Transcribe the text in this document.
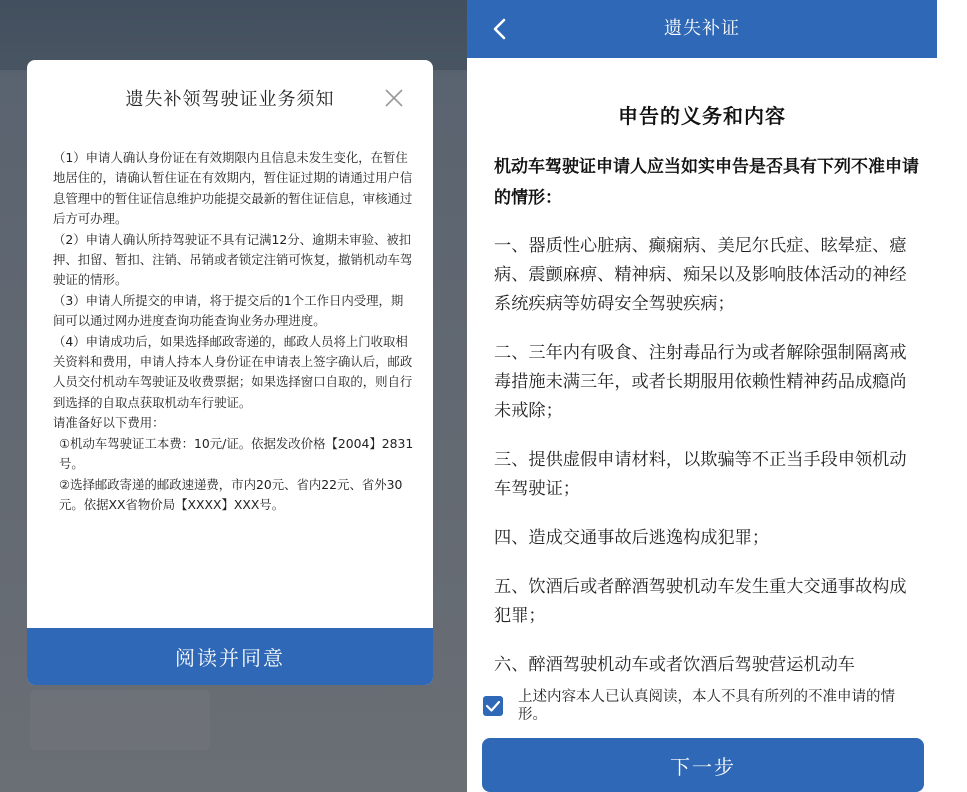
遗失补领驾驶证业务须知

（1）申请人确认身份证在有效期限内且信息未发生变化，在暂住地居住的，请确认暂住证在有效期内，暂住证过期的请通过用户信息管理中的暂住证信息维护功能提交最新的暂住证信息，审核通过后方可办理。

（2）申请人确认所持驾驶证不具有记满12分、逾期未审验、被扣押、扣留、暂扣、注销、吊销或者锁定注销可恢复，撤销机动车驾驶证的情形。

（3）申请人所提交的申请，将于提交后的1个工作日内受理，期间可以通过网办进度查询功能查询业务办理进度。

（4）申请成功后，如果选择邮政寄递的，邮政人员将上门收取相关资料和费用，申请人持本人身份证在申请表上签字确认后，邮政人员交付机动车驾驶证及收费票据；如果选择窗口自取的，则自行到选择的自取点获取机动车行驶证。

请准备好以下费用：

①机动车驾驶证工本费：10元/证。依据发改价格【2004】2831号。

②选择邮政寄递的邮政速递费，市内20元、省内22元、省外30元。依据XX省物价局【XXXX】XXX号。

阅读并同意
遗失补证
申告的义务和内容
机动车驾驶证申请人应当如实申告是否具有下列不准申请的情形：
一、器质性心脏病、癫痫病、美尼尔氏症、眩晕症、癔病、震颤麻痹、精神病、痴呆以及影响肢体活动的神经系统疾病等妨碍安全驾驶疾病；
二、三年内有吸食、注射毒品行为或者解除强制隔离戒毒措施未满三年，或者长期服用依赖性精神药品成瘾尚未戒除；
三、提供虚假申请材料，以欺骗等不正当手段申领机动车驾驶证；
四、造成交通事故后逃逸构成犯罪；
五、饮酒后或者醉酒驾驶机动车发生重大交通事故构成犯罪；
六、醉酒驾驶机动车或者饮酒后驾驶营运机动车
上述内容本人已认真阅读，本人不具有所列的不准申请的情形。
下一步
